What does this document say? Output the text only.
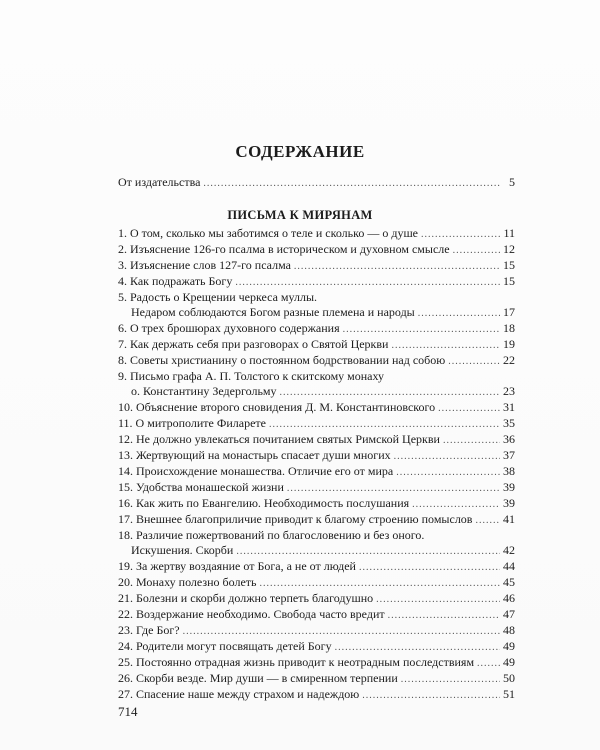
СОДЕРЖАНИЕ
От издательства .....	5
ПИСЬМА К МИРЯНАМ
1. О том, сколько мы заботимся о теле и сколько — о душе .....	11
2. Изъяснение 126-го псалма в историческом и духовном смысле .....	12
3. Изъяснение слов 127-го псалма .....	15
4. Как подражать Богу .....	15
5. Радость о Крещении черкеса муллы.
Недаром соблюдаются Богом разные племена и народы .....	17
6. О трех брошюрах духовного содержания .....	18
7. Как держать себя при разговорах о Святой Церкви .....	19
8. Советы христианину о постоянном бодрствовании над собою .....	22
9. Письмо графа А. П. Толстого к скитскому монаху
о. Константину Зедергольму .....	23
10. Объяснение второго сновидения Д. М. Константиновского .....	31
11. О митрополите Филарете .....	35
12. Не должно увлекаться почитанием святых Римской Церкви .....	36
13. Жертвующий на монастырь спасает души многих .....	37
14. Происхождение монашества. Отличие его от мира .....	38
15. Удобства монашеской жизни .....	39
16. Как жить по Евангелию. Необходимость послушания .....	39
17. Внешнее благоприличие приводит к благому строению помыслов .....	41
18. Различие пожертвований по благословению и без оного.
Искушения. Скорби .....	42
19. За жертву воздаяние от Бога, а не от людей .....	44
20. Монаху полезно болеть .....	45
21. Болезни и скорби должно терпеть благодушно .....	46
22. Воздержание необходимо. Свобода часто вредит .....	47
23. Где Бог? .....	48
24. Родители могут посвящать детей Богу .....	49
25. Постоянно отрадная жизнь приводит к неотрадным последствиям ..... 49
26. Скорби везде. Мир души — в смиренном терпении .....	50
27. Спасение наше между страхом и надеждою .....	51
714
